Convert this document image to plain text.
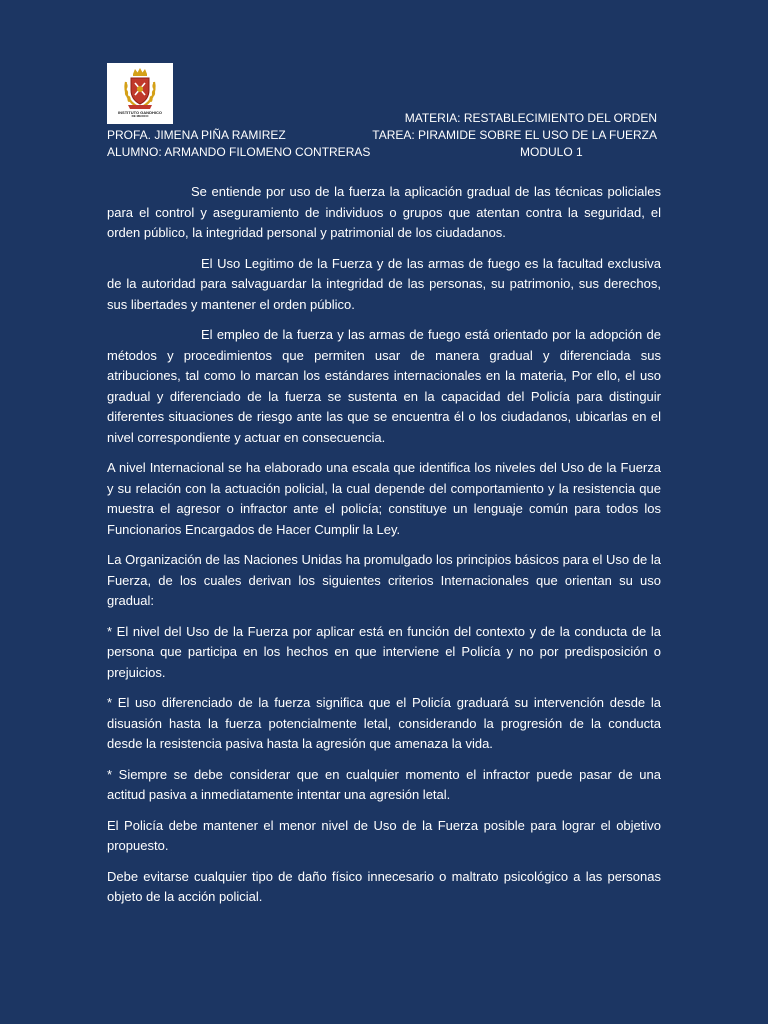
INSTITUTO GANDHICO
DE MEXICO	MATERIA: RESTABLECIMIENTO DEL ORDEN
PROFA. JIMENA PIÑA RAMIREZ	TAREA: PIRAMIDE SOBRE EL USO DE LA FUERZA
ALUMNO: ARMANDO FILOMENO CONTRERAS	MODULO 1

Se entiende por uso de la fuerza la aplicación gradual de las técnicas policiales para el control y aseguramiento de individuos o grupos que atentan contra la seguridad, el orden público, la integridad personal y patrimonial de los ciudadanos.

El Uso Legitimo de la Fuerza y de las armas de fuego es la facultad exclusiva de la autoridad para salvaguardar la integridad de las personas, su patrimonio, sus derechos, sus libertades y mantener el orden público.

El empleo de la fuerza y las armas de fuego está orientado por la adopción de métodos y procedimientos que permiten usar de manera gradual y diferenciada sus atribuciones, tal como lo marcan los estándares internacionales en la materia, Por ello, el uso gradual y diferenciado de la fuerza se sustenta en la capacidad del Policía para distinguir diferentes situaciones de riesgo ante las que se encuentra él o los ciudadanos, ubicarlas en el nivel correspondiente y actuar en consecuencia.

A nivel Internacional se ha elaborado una escala que identifica los niveles del Uso de la Fuerza y su relación con la actuación policial, la cual depende del comportamiento y la resistencia que muestra el agresor o infractor ante el policía; constituye un lenguaje común para todos los Funcionarios Encargados de Hacer Cumplir la Ley.

La Organización de las Naciones Unidas ha promulgado los principios básicos para el Uso de la Fuerza, de los cuales derivan los siguientes criterios Internacionales que orientan su uso gradual:

* El nivel del Uso de la Fuerza por aplicar está en función del contexto y de la conducta de la persona que participa en los hechos en que interviene el Policía y no por predisposición o prejuicios.

* El uso diferenciado de la fuerza significa que el Policía graduará su intervención desde la disuasión hasta la fuerza potencialmente letal, considerando la progresión de la conducta desde la resistencia pasiva hasta la agresión que amenaza la vida.

* Siempre se debe considerar que en cualquier momento el infractor puede pasar de una actitud pasiva a inmediatamente intentar una agresión letal.

El Policía debe mantener el menor nivel de Uso de la Fuerza posible para lograr el objetivo propuesto.

Debe evitarse cualquier tipo de daño físico innecesario o maltrato psicológico a las personas objeto de la acción policial.
